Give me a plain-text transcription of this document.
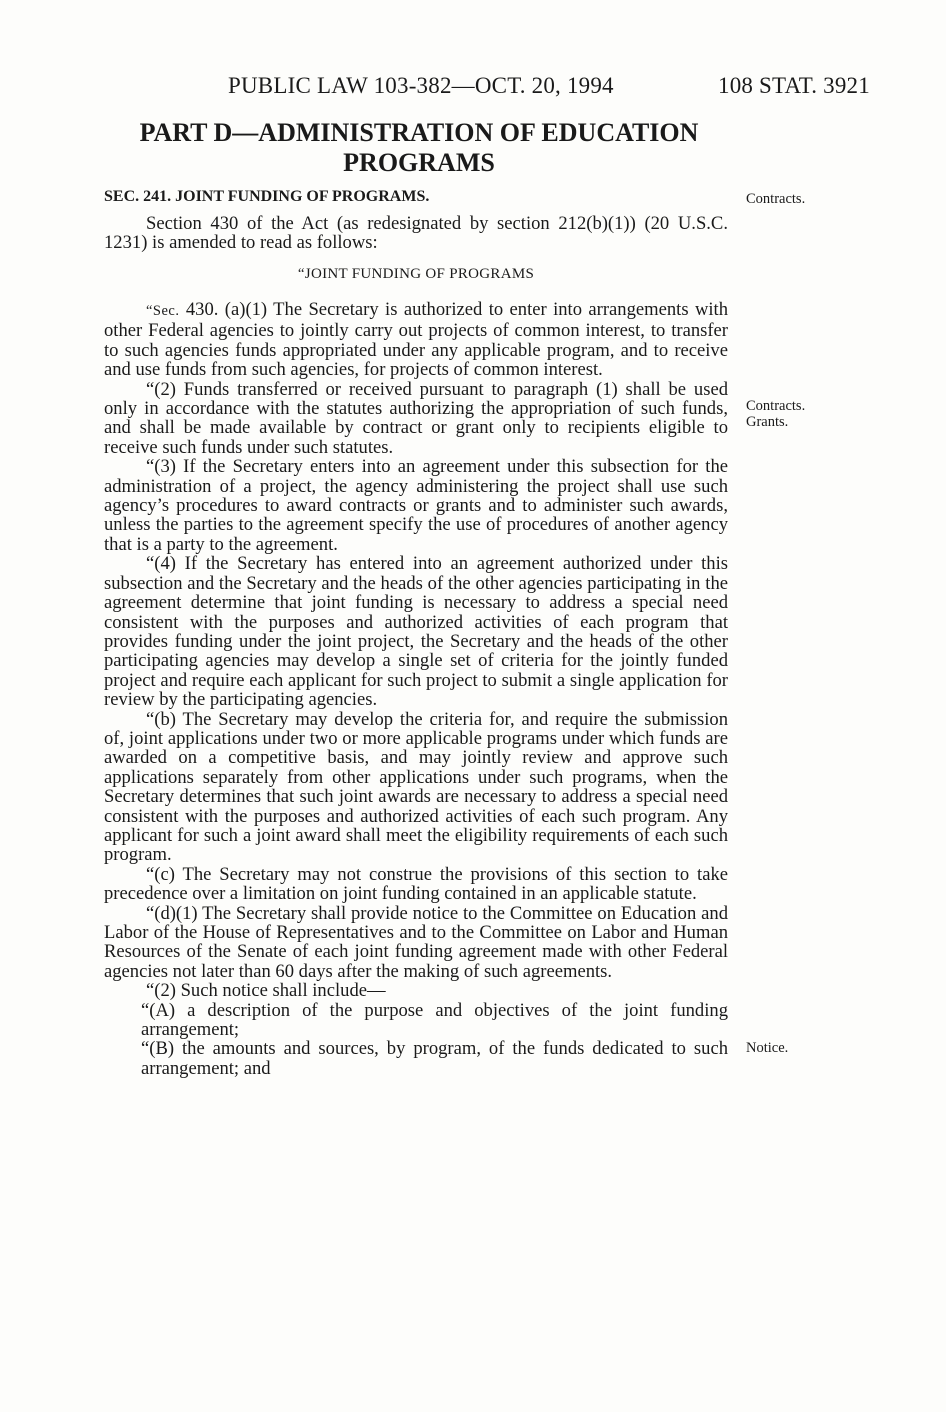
PUBLIC LAW 103-382—OCT. 20, 1994	108 STAT. 3921
PART D—ADMINISTRATION OF EDUCATION PROGRAMS
SEC. 241. JOINT FUNDING OF PROGRAMS.	Contracts.
Contracts.
Grants.
Notice.

Section 430 of the Act (as redesignated by section 212(b)(1)) (20 U.S.C. 1231) is amended to read as follows:

“JOINT FUNDING OF PROGRAMS

“Sec. 430. (a)(1) The Secretary is authorized to enter into arrangements with other Federal agencies to jointly carry out projects of common interest, to transfer to such agencies funds appropriated under any applicable program, and to receive and use funds from such agencies, for projects of common interest.

“(2) Funds transferred or received pursuant to paragraph (1) shall be used only in accordance with the statutes authorizing the appropriation of such funds, and shall be made available by contract or grant only to recipients eligible to receive such funds under such statutes.

“(3) If the Secretary enters into an agreement under this subsection for the administration of a project, the agency administering the project shall use such agency’s procedures to award contracts or grants and to administer such awards, unless the parties to the agreement specify the use of procedures of another agency that is a party to the agreement.

“(4) If the Secretary has entered into an agreement authorized under this subsection and the Secretary and the heads of the other agencies participating in the agreement determine that joint funding is necessary to address a special need consistent with the purposes and authorized activities of each program that provides funding under the joint project, the Secretary and the heads of the other participating agencies may develop a single set of criteria for the jointly funded project and require each applicant for such project to submit a single application for review by the participating agencies.

“(b) The Secretary may develop the criteria for, and require the submission of, joint applications under two or more applicable programs under which funds are awarded on a competitive basis, and may jointly review and approve such applications separately from other applications under such programs, when the Secretary determines that such joint awards are necessary to address a special need consistent with the purposes and authorized activities of each such program. Any applicant for such a joint award shall meet the eligibility requirements of each such program.

“(c) The Secretary may not construe the provisions of this section to take precedence over a limitation on joint funding contained in an applicable statute.

“(d)(1) The Secretary shall provide notice to the Committee on Education and Labor of the House of Representatives and to the Committee on Labor and Human Resources of the Senate of each joint funding agreement made with other Federal agencies not later than 60 days after the making of such agreements.

“(2) Such notice shall include—

“(A) a description of the purpose and objectives of the joint funding arrangement;

“(B) the amounts and sources, by program, of the funds dedicated to such arrangement; and
